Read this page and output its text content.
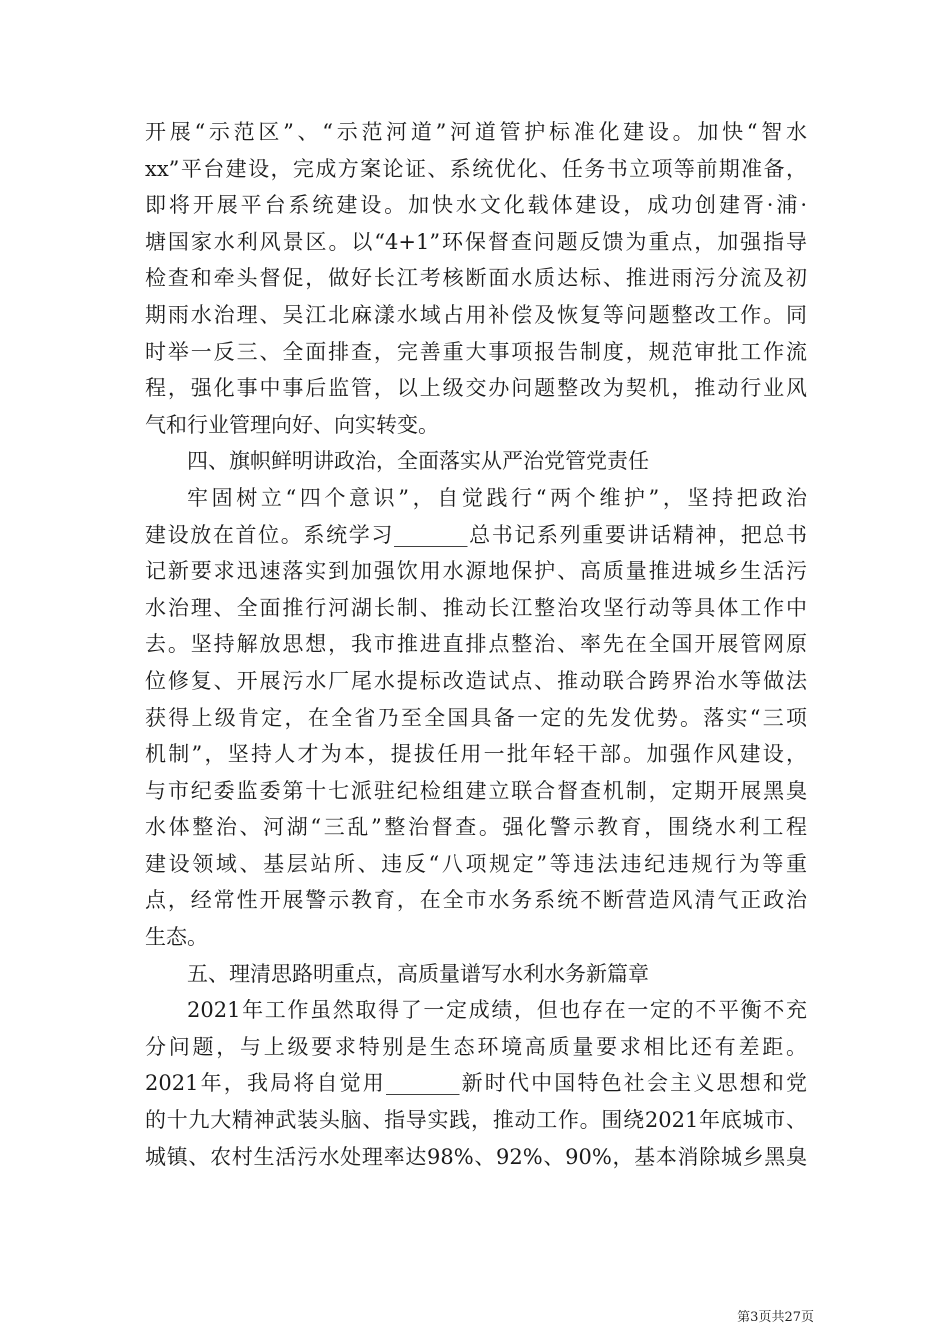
开展“示范区”、“示范河道”河道管护标准化建设。加快“智水
xx”平台建设，完成方案论证、系统优化、任务书立项等前期准备，
即将开展平台系统建设。加快水文化载体建设，成功创建胥·浦·
塘国家水利风景区。以“4+1”环保督查问题反馈为重点，加强指导
检查和牵头督促，做好长江考核断面水质达标、推进雨污分流及初
期雨水治理、吴江北麻漾水域占用补偿及恢复等问题整改工作。同
时举一反三、全面排查，完善重大事项报告制度，规范审批工作流
程，强化事中事后监管，以上级交办问题整改为契机，推动行业风
气和行业管理向好、向实转变。
四、旗帜鲜明讲政治，全面落实从严治党管党责任
牢固树立“四个意识”，自觉践行“两个维护”，坚持把政治
建设放在首位。系统学习_______总书记系列重要讲话精神，把总书
记新要求迅速落实到加强饮用水源地保护、高质量推进城乡生活污
水治理、全面推行河湖长制、推动长江整治攻坚行动等具体工作中
去。坚持解放思想，我市推进直排点整治、率先在全国开展管网原
位修复、开展污水厂尾水提标改造试点、推动联合跨界治水等做法
获得上级肯定，在全省乃至全国具备一定的先发优势。落实“三项
机制”，坚持人才为本，提拔任用一批年轻干部。加强作风建设，
与市纪委监委第十七派驻纪检组建立联合督查机制，定期开展黑臭
水体整治、河湖“三乱”整治督查。强化警示教育，围绕水利工程
建设领域、基层站所、违反“八项规定”等违法违纪违规行为等重
点，经常性开展警示教育，在全市水务系统不断营造风清气正政治
生态。
五、理清思路明重点，高质量谱写水利水务新篇章
2021年工作虽然取得了一定成绩，但也存在一定的不平衡不充
分问题，与上级要求特别是生态环境高质量要求相比还有差距。
2021年，我局将自觉用_______新时代中国特色社会主义思想和党
的十九大精神武装头脑、指导实践，推动工作。围绕2021年底城市、
城镇、农村生活污水处理率达98%、92%、90%，基本消除城乡黑臭
第3页共27页
